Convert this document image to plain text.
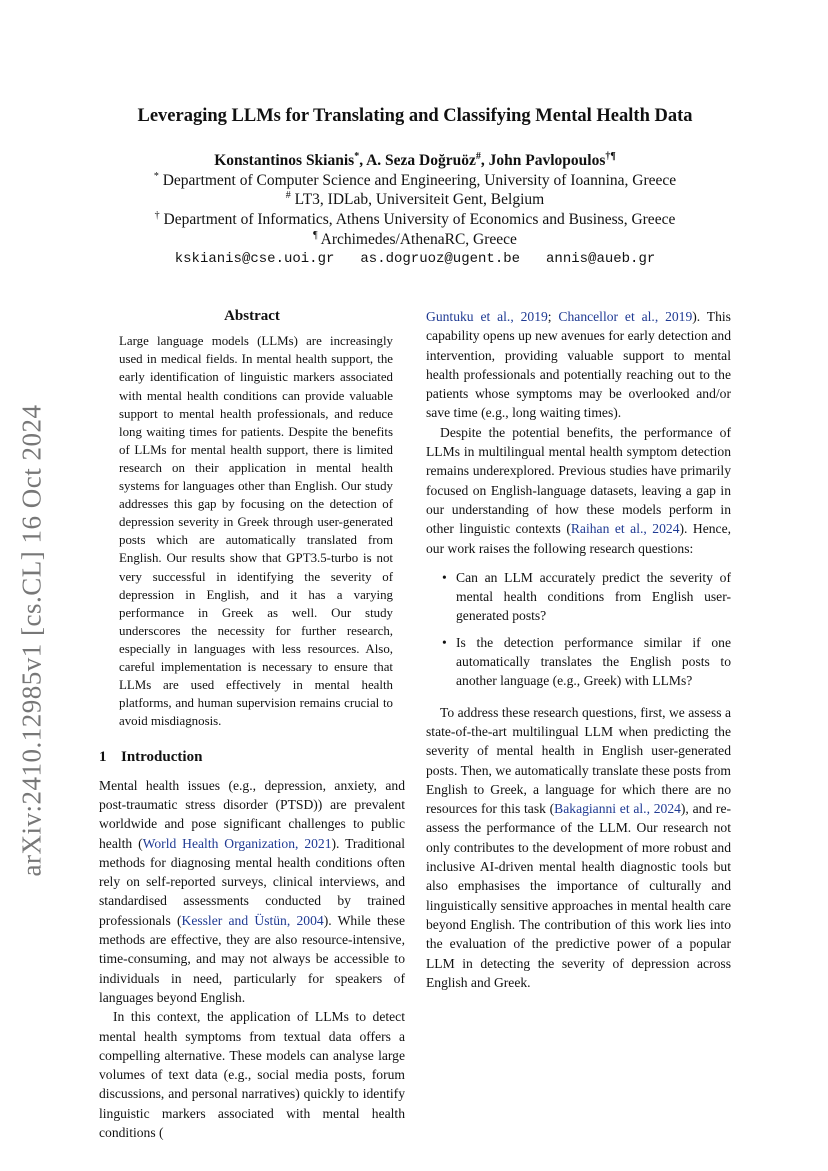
arXiv:2410.12985v1 [cs.CL] 16 Oct 2024
Leveraging LLMs for Translating and Classifying Mental Health Data
Konstantinos Skianis*, A. Seza Doğruöz#, John Pavlopoulos†¶
* Department of Computer Science and Engineering, University of Ioannina, Greece
# LT3, IDLab, Universiteit Gent, Belgium
† Department of Informatics, Athens University of Economics and Business, Greece
¶ Archimedes/AthenaRC, Greece
kskianis@cse.uoi.gr as.dogruoz@ugent.be annis@aueb.gr
Abstract

Large language models (LLMs) are increasingly used in medical fields. In mental health support, the early identification of linguistic markers associated with mental health conditions can provide valuable support to mental health professionals, and reduce long waiting times for patients. Despite the benefits of LLMs for mental health support, there is limited research on their application in mental health systems for languages other than English. Our study addresses this gap by focusing on the detection of depression severity in Greek through user-generated posts which are automatically translated from English. Our results show that GPT3.5-turbo is not very successful in identifying the severity of depression in English, and it has a varying performance in Greek as well. Our study underscores the necessity for further research, especially in languages with less resources. Also, careful implementation is necessary to ensure that LLMs are used effectively in mental health platforms, and human supervision remains crucial to avoid misdiagnosis.

1 Introduction

Mental health issues (e.g., depression, anxiety, and post-traumatic stress disorder (PTSD)) are prevalent worldwide and pose significant challenges to public health (World Health Organization, 2021). Traditional methods for diagnosing mental health conditions often rely on self-reported surveys, clinical interviews, and standardised assessments conducted by trained professionals (Kessler and Üstün, 2004). While these methods are effective, they are also resource-intensive, time-consuming, and may not always be accessible to individuals in need, particularly for speakers of languages beyond English.

In this context, the application of LLMs to detect mental health symptoms from textual data offers a compelling alternative. These models can analyse large volumes of text data (e.g., social media posts, forum discussions, and personal narratives) quickly to identify linguistic markers associated with mental health conditions (

Guntuku et al., 2019; Chancellor et al., 2019). This capability opens up new avenues for early detection and intervention, providing valuable support to mental health professionals and potentially reaching out to the patients whose symptoms may be overlooked and/or save time (e.g., long waiting times).

Despite the potential benefits, the performance of LLMs in multilingual mental health symptom detection remains underexplored. Previous studies have primarily focused on English-language datasets, leaving a gap in our understanding of how these models perform in other linguistic contexts (Raihan et al., 2024). Hence, our work raises the following research questions:

• Can an LLM accurately predict the severity of mental health conditions from English user-generated posts?
• Is the detection performance similar if one automatically translates the English posts to another language (e.g., Greek) with LLMs?

To address these research questions, first, we assess a state-of-the-art multilingual LLM when predicting the severity of mental health in English user-generated posts. Then, we automatically translate these posts from English to Greek, a language for which there are no resources for this task (Bakagianni et al., 2024), and re-assess the performance of the LLM. Our research not only contributes to the development of more robust and inclusive AI-driven mental health diagnostic tools but also emphasises the importance of culturally and linguistically sensitive approaches in mental health care beyond English. The contribution of this work lies into the evaluation of the predictive power of a popular LLM in detecting the severity of depression across English and Greek.
